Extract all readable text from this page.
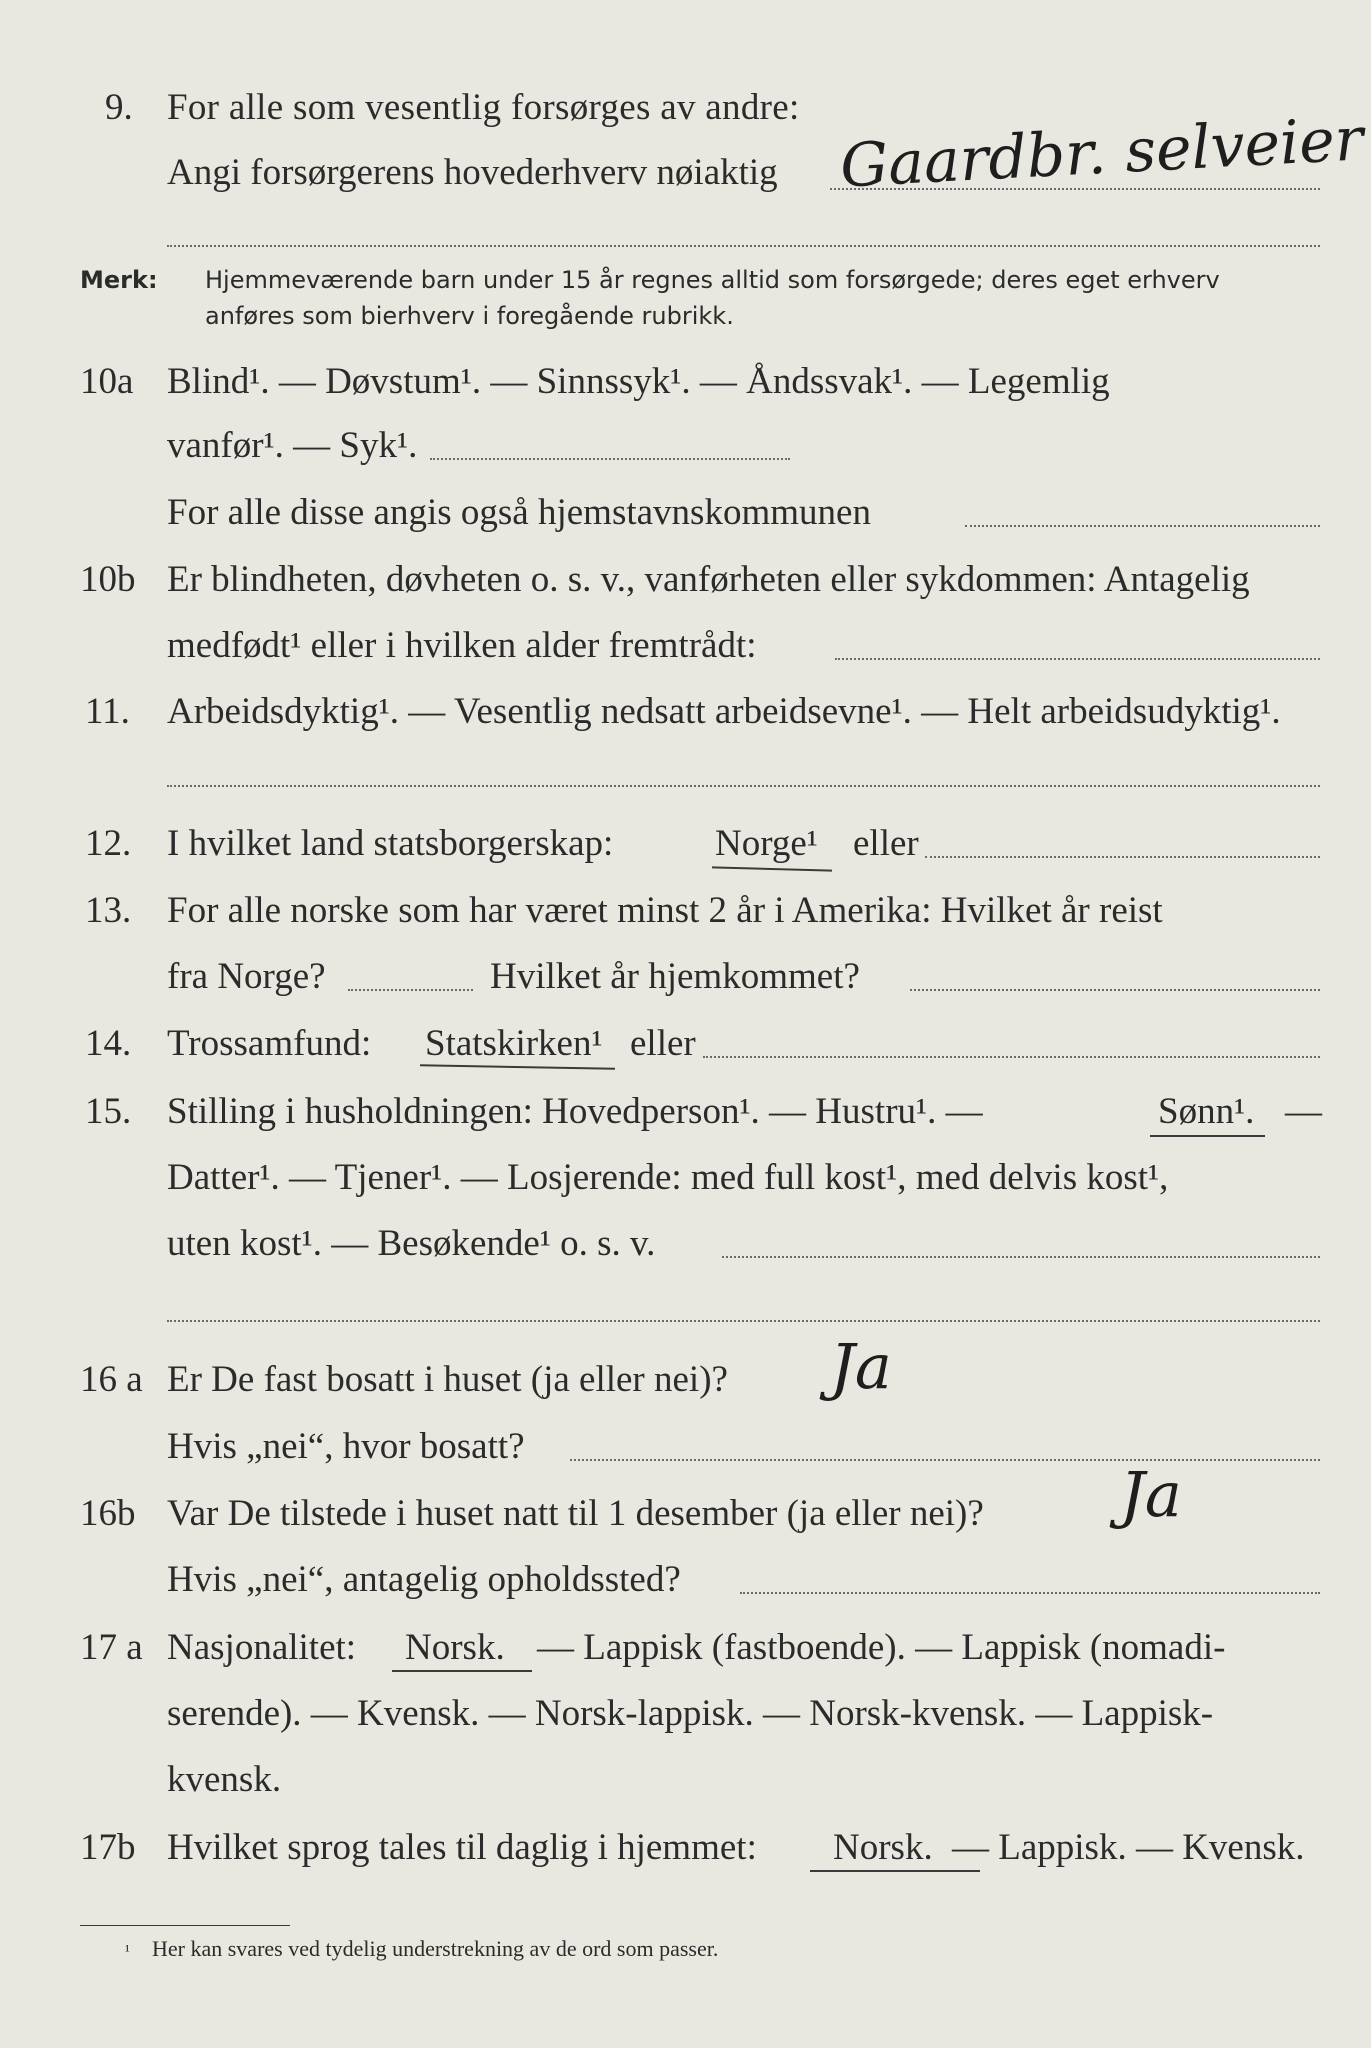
9. For alle som vesentlig forsørges av andre:
Angi forsørgerens hovederhverv nøiaktig Gaardbr. selveier
Merk: Hjemmeværende barn under 15 år regnes alltid som forsørgede; deres eget erhverv
anføres som bierhverv i foregående rubrikk.
10a Blind¹. — Døvstum¹. — Sinnssyk¹. — Åndssvak¹. — Legemlig
vanfør¹. — Syk¹.
For alle disse angis også hjemstavnskommunen
10b Er blindheten, døvheten o. s. v., vanførheten eller sykdommen: Antagelig
medfødt¹ eller i hvilken alder fremtrådt:
11. Arbeidsdyktig¹. — Vesentlig nedsatt arbeidsevne¹. — Helt arbeidsudyktig¹.
12. I hvilket land statsborgerskap:	Norge¹ eller
13. For alle norske som har været minst 2 år i Amerika: Hvilket år reist
fra Norge?	Hvilket år hjemkommet?
14. Trossamfund: Statskirken¹ eller
15. Stilling i husholdningen: Hovedperson¹. — Hustru¹. —	Sønn¹. —
Datter¹. — Tjener¹. — Losjerende: med full kost¹, med delvis kost¹,
uten kost¹. — Besøkende¹ o. s. v.
16 a Er De fast bosatt i huset (ja eller nei)? Ja
Hvis „nei“, hvor bosatt?
16b Var De tilstede i huset natt til 1 desember (ja eller nei)? Ja
Hvis „nei“, antagelig opholdssted?
17 a Nasjonalitet: Norsk. — Lappisk (fastboende). — Lappisk (nomadi-
serende). — Kvensk. — Norsk-lappisk. — Norsk-kvensk. — Lappisk-
kvensk.
17b Hvilket sprog tales til daglig i hjemmet: Norsk. — Lappisk. — Kvensk.
¹ Her kan svares ved tydelig understrekning av de ord som passer.
